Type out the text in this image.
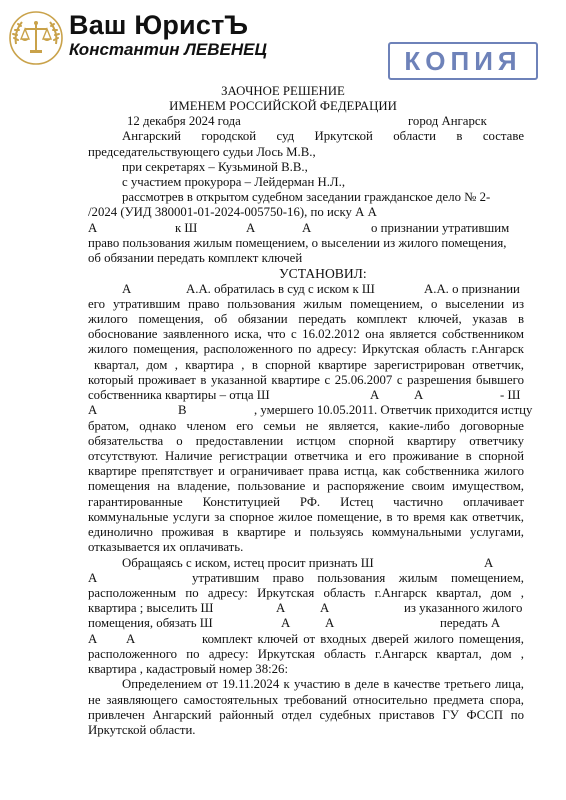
Ваш ЮристЪ
Константин ЛЕВЕНЕЦ	КОПИЯ
ЗАОЧНОЕ РЕШЕНИЕ
ИМЕНЕМ РОССИЙСКОЙ ФЕДЕРАЦИИ
12 декабря 2024 года	город Ангарск
Ангарский городской суд Иркутской области в составе
председательствующего судьи Лось М.В.,
при секретарях – Кузьминой В.В.,
с участием прокурора – Лейдерман Н.Л.,
рассмотрев в открытом судебном заседании гражданское дело № 2-
/2024 (УИД 380001-01-2024-005750-16), по иску А А
А	к Ш	А	А	о признании утратившим
право пользования жилым помещением, о выселении из жилого помещения,
об обязании передать комплект ключей
УСТАНОВИЛ:
А	А.А. обратилась в суд с иском к Ш	А.А. о признании
его утратившим право пользования жилым помещением, о выселении из
жилого помещения, об обязании передать комплект ключей, указав в
обоснование заявленного иска, что с 16.02.2012 она является собственником
жилого помещения, расположенного по адресу: Иркутская область г.Ангарск
квартал, дом , квартира , в спорной квартире зарегистрирован ответчик,
который проживает в указанной квартире с 25.06.2007 с разрешения бывшего
собственника квартиры – отца Ш	А	А	- Ш
А	В	, умершего 10.05.2011. Ответчик приходится истцу
братом, однако членом его семьи не является, какие-либо договорные
обязательства о предоставлении истцом спорной квартиру ответчику
отсутствуют. Наличие регистрации ответчика и его проживание в спорной
квартире препятствует и ограничивает права истца, как собственника жилого
помещения на владение, пользование и распоряжение своим имуществом,
гарантированные Конституцией РФ. Истец частично оплачивает
коммунальные услуги за спорное жилое помещение, в то время как ответчик,
единолично проживая в квартире и пользуясь коммунальными услугами,
отказывается их оплачивать.
Обращаясь с иском, истец просит признать Ш	А
А	утратившим право пользования жилым помещением,
расположенным по адресу: Иркутская область г.Ангарск квартал, дом ,
квартира ; выселить Ш	А	А	из указанного жилого
помещения, обязать Ш	А	А	передать А
А А	комплект ключей от входных дверей жилого помещения,
расположенного по адресу: Иркутская область г.Ангарск квартал, дом ,
квартира , кадастровый номер 38:26:
Определением от 19.11.2024 к участию в деле в качестве третьего лица,
не заявляющего самостоятельных требований относительно предмета спора,
привлечен Ангарский районный отдел судебных приставов ГУ ФССП по
Иркутской области.
